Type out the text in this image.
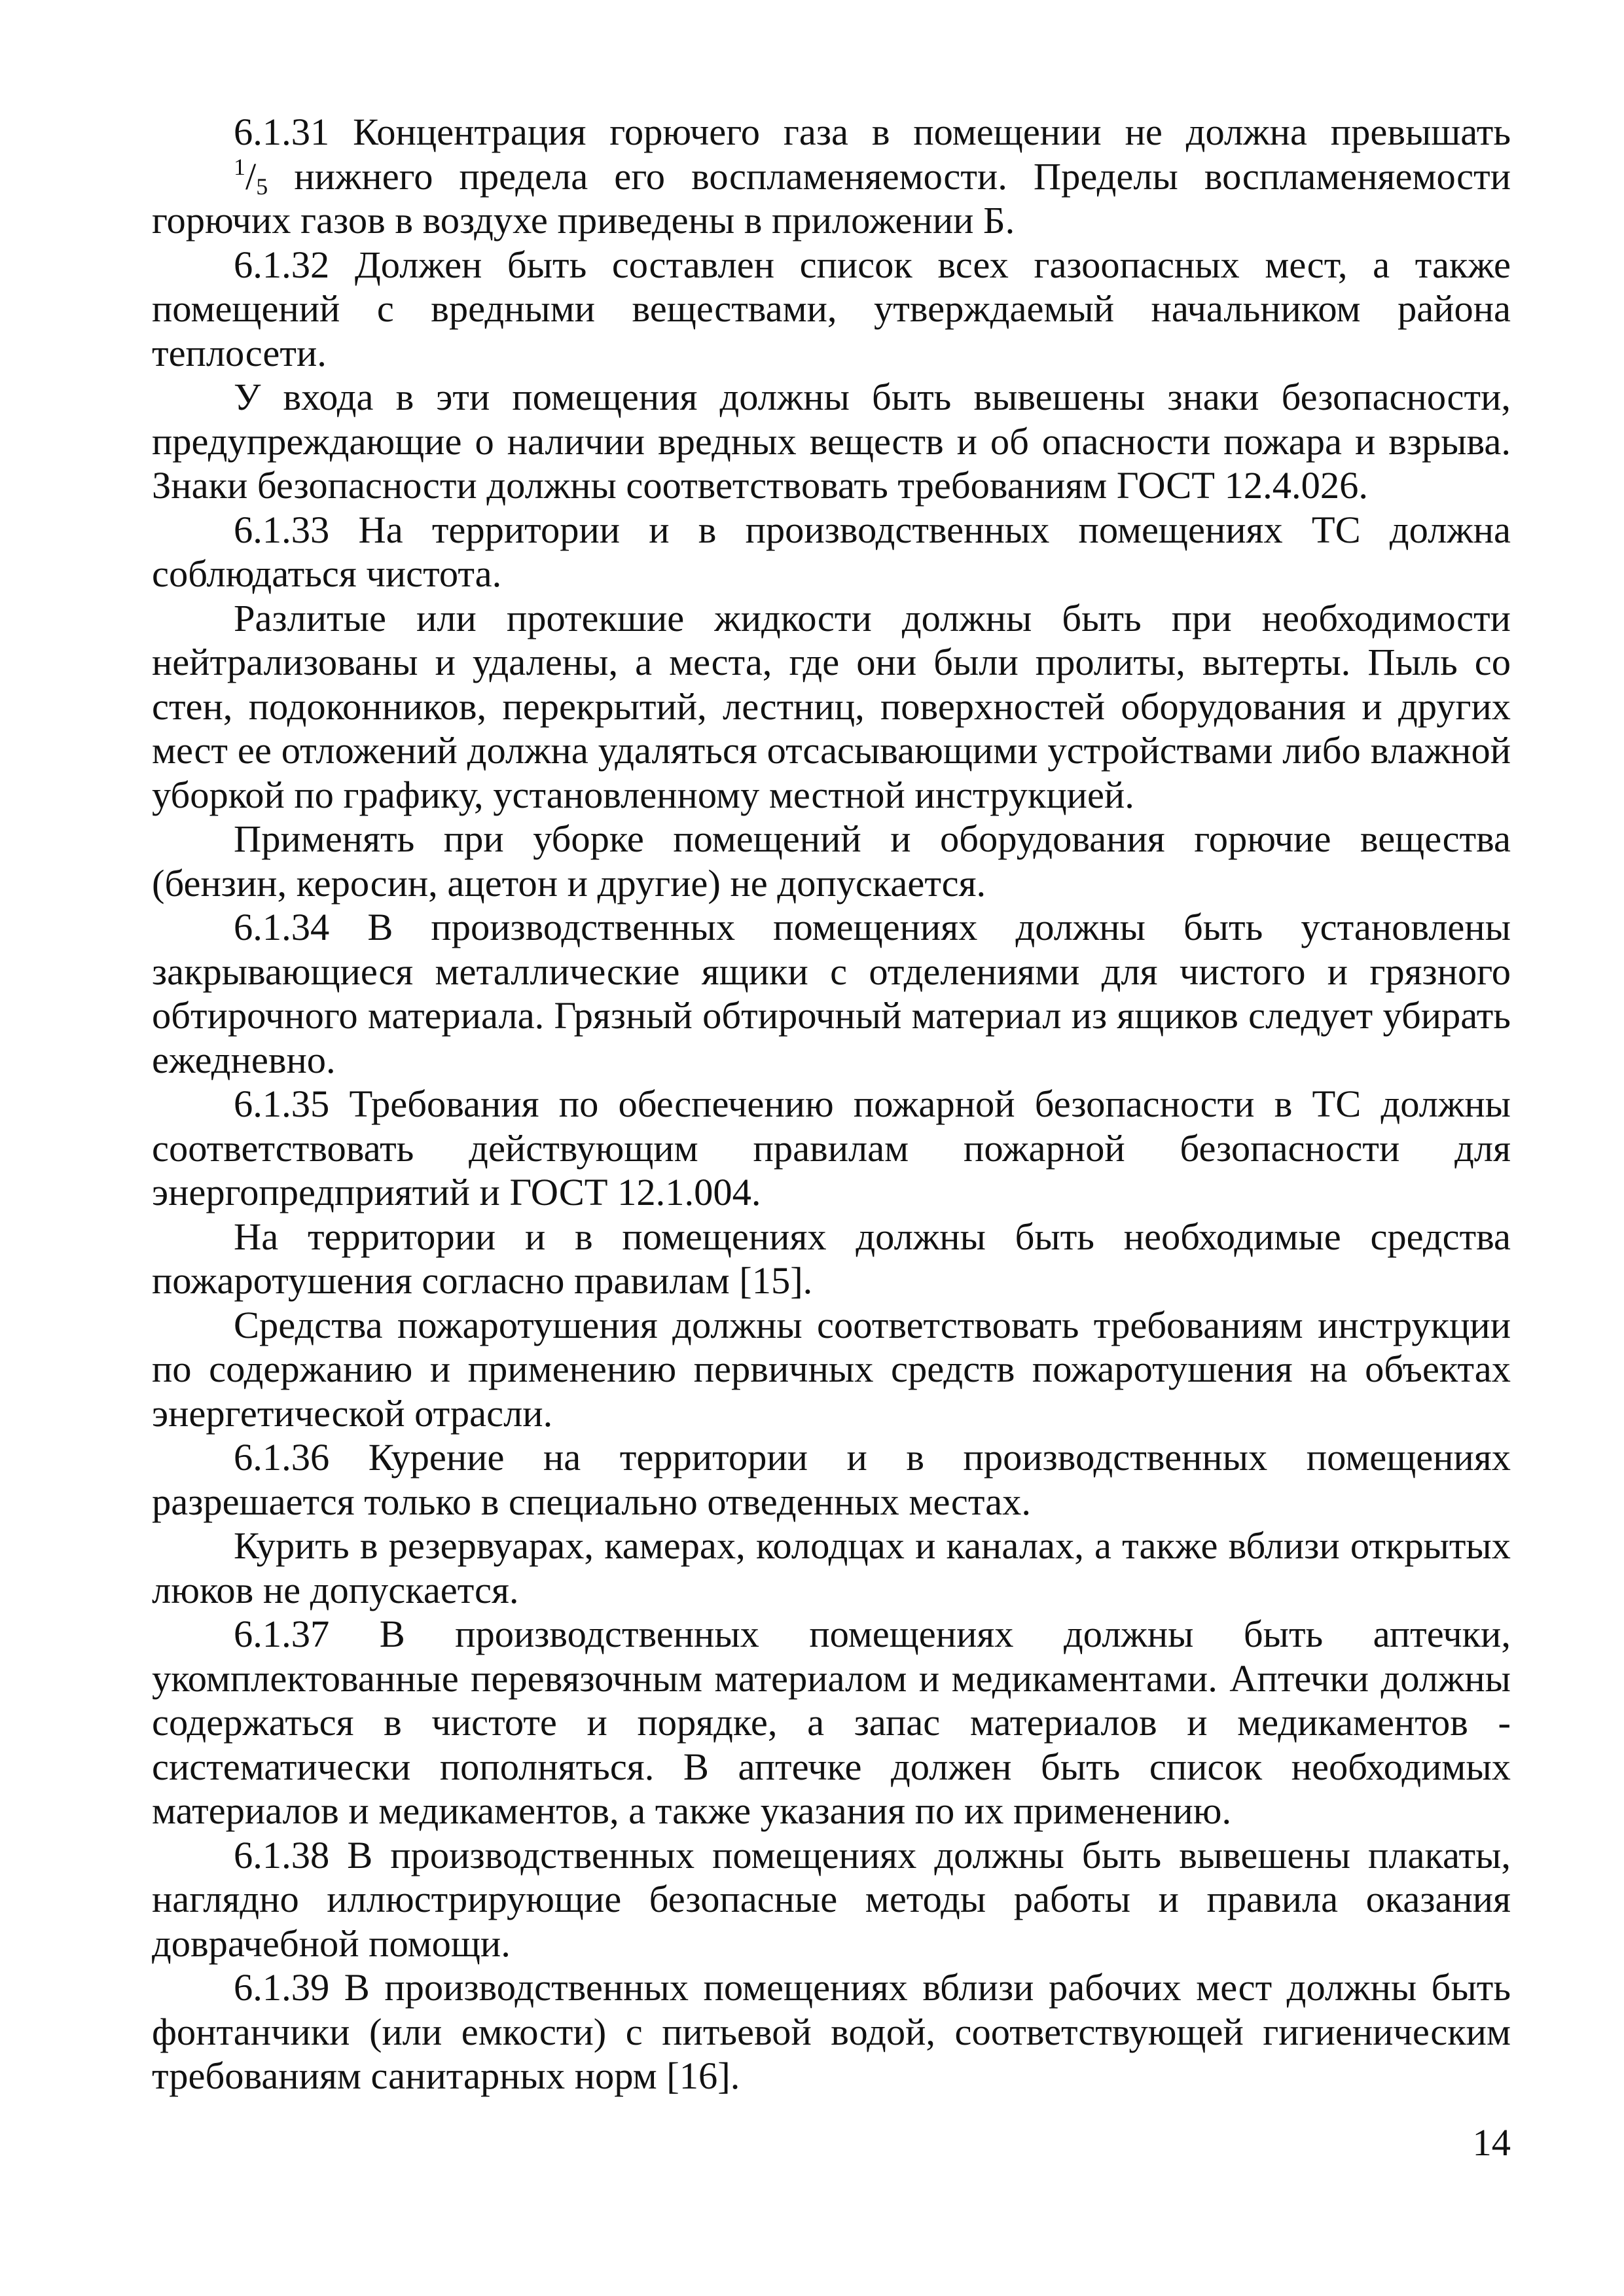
6.1.31 Концентрация горючего газа в помещении не должна превышать $^1/_5$ нижнего предела его воспламеняемости. Пределы воспламеняемости горючих газов в воздухе приведены в приложении Б.

6.1.32 Должен быть составлен список всех газоопасных мест, а также помещений с вредными веществами, утверждаемый начальником района теплосети.

У входа в эти помещения должны быть вывешены знаки безопасности, предупреждающие о наличии вредных веществ и об опасности пожара и взрыва. Знаки безопасности должны соответствовать требованиям ГОСТ 12.4.026.

6.1.33 На территории и в производственных помещениях ТС должна соблюдаться чистота.

Разлитые или протекшие жидкости должны быть при необходимости нейтрализованы и удалены, а места, где они были пролиты, вытерты. Пыль со стен, подоконников, перекрытий, лестниц, поверхностей оборудования и других мест ее отложений должна удаляться отсасывающими устройствами либо влажной уборкой по графику, установленному местной инструкцией.

Применять при уборке помещений и оборудования горючие вещества (бензин, керосин, ацетон и другие) не допускается.

6.1.34 В производственных помещениях должны быть установлены закрывающиеся металлические ящики с отделениями для чистого и грязного обтирочного материала. Грязный обтирочный материал из ящиков следует убирать ежедневно.

6.1.35 Требования по обеспечению пожарной безопасности в ТС должны соответствовать действующим правилам пожарной безопасности для энергопредприятий и ГОСТ 12.1.004.

На территории и в помещениях должны быть необходимые средства пожаротушения согласно правилам [15].

Средства пожаротушения должны соответствовать требованиям инструкции по содержанию и применению первичных средств пожаротушения на объектах энергетической отрасли.

6.1.36 Курение на территории и в производственных помещениях разрешается только в специально отведенных местах.

Курить в резервуарах, камерах, колодцах и каналах, а также вблизи открытых люков не допускается.

6.1.37 В производственных помещениях должны быть аптечки, укомплектованные перевязочным материалом и медикаментами. Аптечки должны содержаться в чистоте и порядке, а запас материалов и медикаментов - систематически пополняться. В аптечке должен быть список необходимых материалов и медикаментов, а также указания по их применению.

6.1.38 В производственных помещениях должны быть вывешены плакаты, наглядно иллюстрирующие безопасные методы работы и правила оказания доврачебной помощи.

6.1.39 В производственных помещениях вблизи рабочих мест должны быть фонтанчики (или емкости) с питьевой водой, соответствующей гигиеническим требованиям санитарных норм [16].

14
